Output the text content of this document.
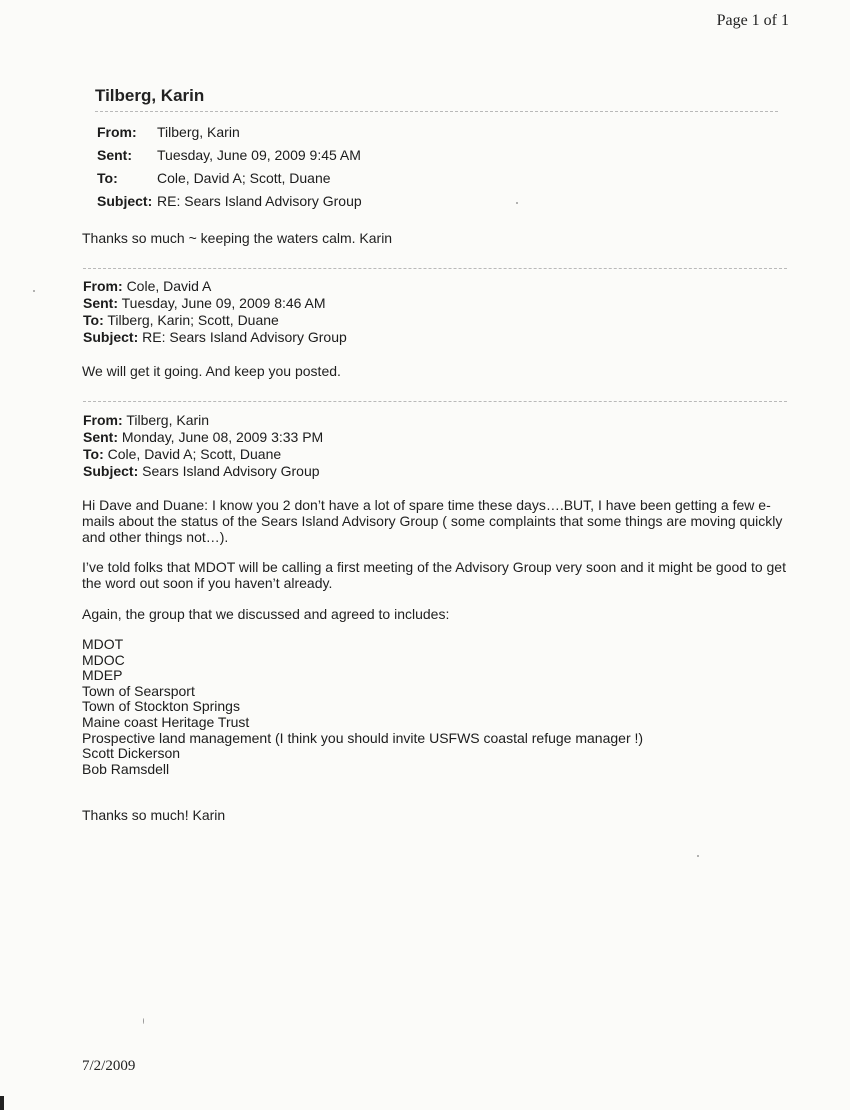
Page 1 of 1
7/2/2009
Tilberg, Karin
From: Tilberg, Karin
Sent: Tuesday, June 09, 2009 9:45 AM
To:	Cole, David A; Scott, Duane
Subject: RE: Sears Island Advisory Group
Thanks so much ~ keeping the waters calm. Karin
From: Cole, David A
Sent: Tuesday, June 09, 2009 8:46 AM
To: Tilberg, Karin; Scott, Duane
Subject: RE: Sears Island Advisory Group
We will get it going. And keep you posted.
From: Tilberg, Karin
Sent: Monday, June 08, 2009 3:33 PM
To: Cole, David A; Scott, Duane
Subject: Sears Island Advisory Group
Hi Dave and Duane: I know you 2 don’t have a lot of spare time these days….BUT, I have been getting a few e-mails about the status of the Sears Island Advisory Group ( some complaints that some things are moving quickly and other things not…).
I’ve told folks that MDOT will be calling a first meeting of the Advisory Group very soon and it might be good to get the word out soon if you haven’t already.
Again, the group that we discussed and agreed to includes:
MDOT
MDOC
MDEP
Town of Searsport
Town of Stockton Springs
Maine coast Heritage Trust
Prospective land management (I think you should invite USFWS coastal refuge manager !)
Scott Dickerson
Bob Ramsdell
Thanks so much! Karin
